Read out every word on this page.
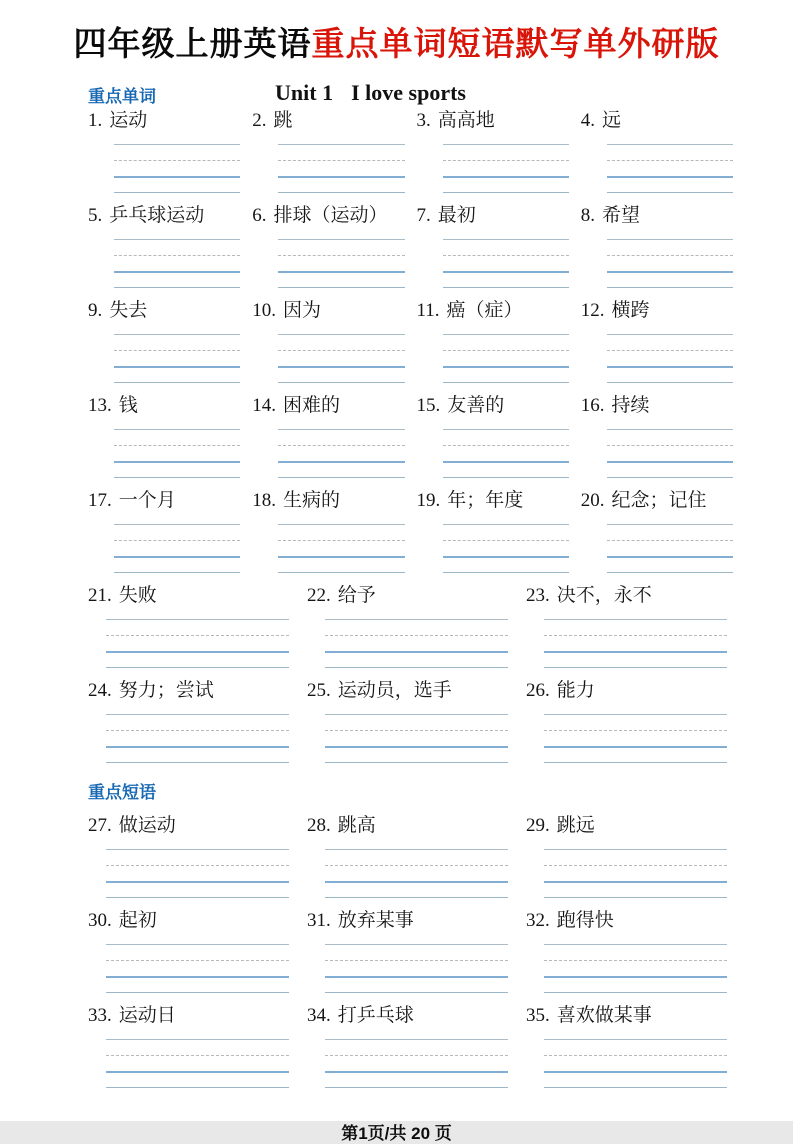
四年级上册英语重点单词短语默写单外研版
重点单词	Unit 1 I love sports
1. 运动	2. 跳	3. 高高地	4. 远
5. 乒乓球运动	6. 排球（运动）	7. 最初	8. 希望
9. 失去	10. 因为	11. 癌（症）	12. 横跨
13. 钱	14. 困难的	15. 友善的	16. 持续
17. 一个月	18. 生病的	19. 年；年度	20. 纪念；记住
21. 失败	22. 给予	23. 决不，永不
24. 努力；尝试	25. 运动员，选手	26. 能力
重点短语
27. 做运动	28. 跳高	29. 跳远
30. 起初	31. 放弃某事	32. 跑得快
33. 运动日	34. 打乒乓球	35. 喜欢做某事
第1页/共 20 页
